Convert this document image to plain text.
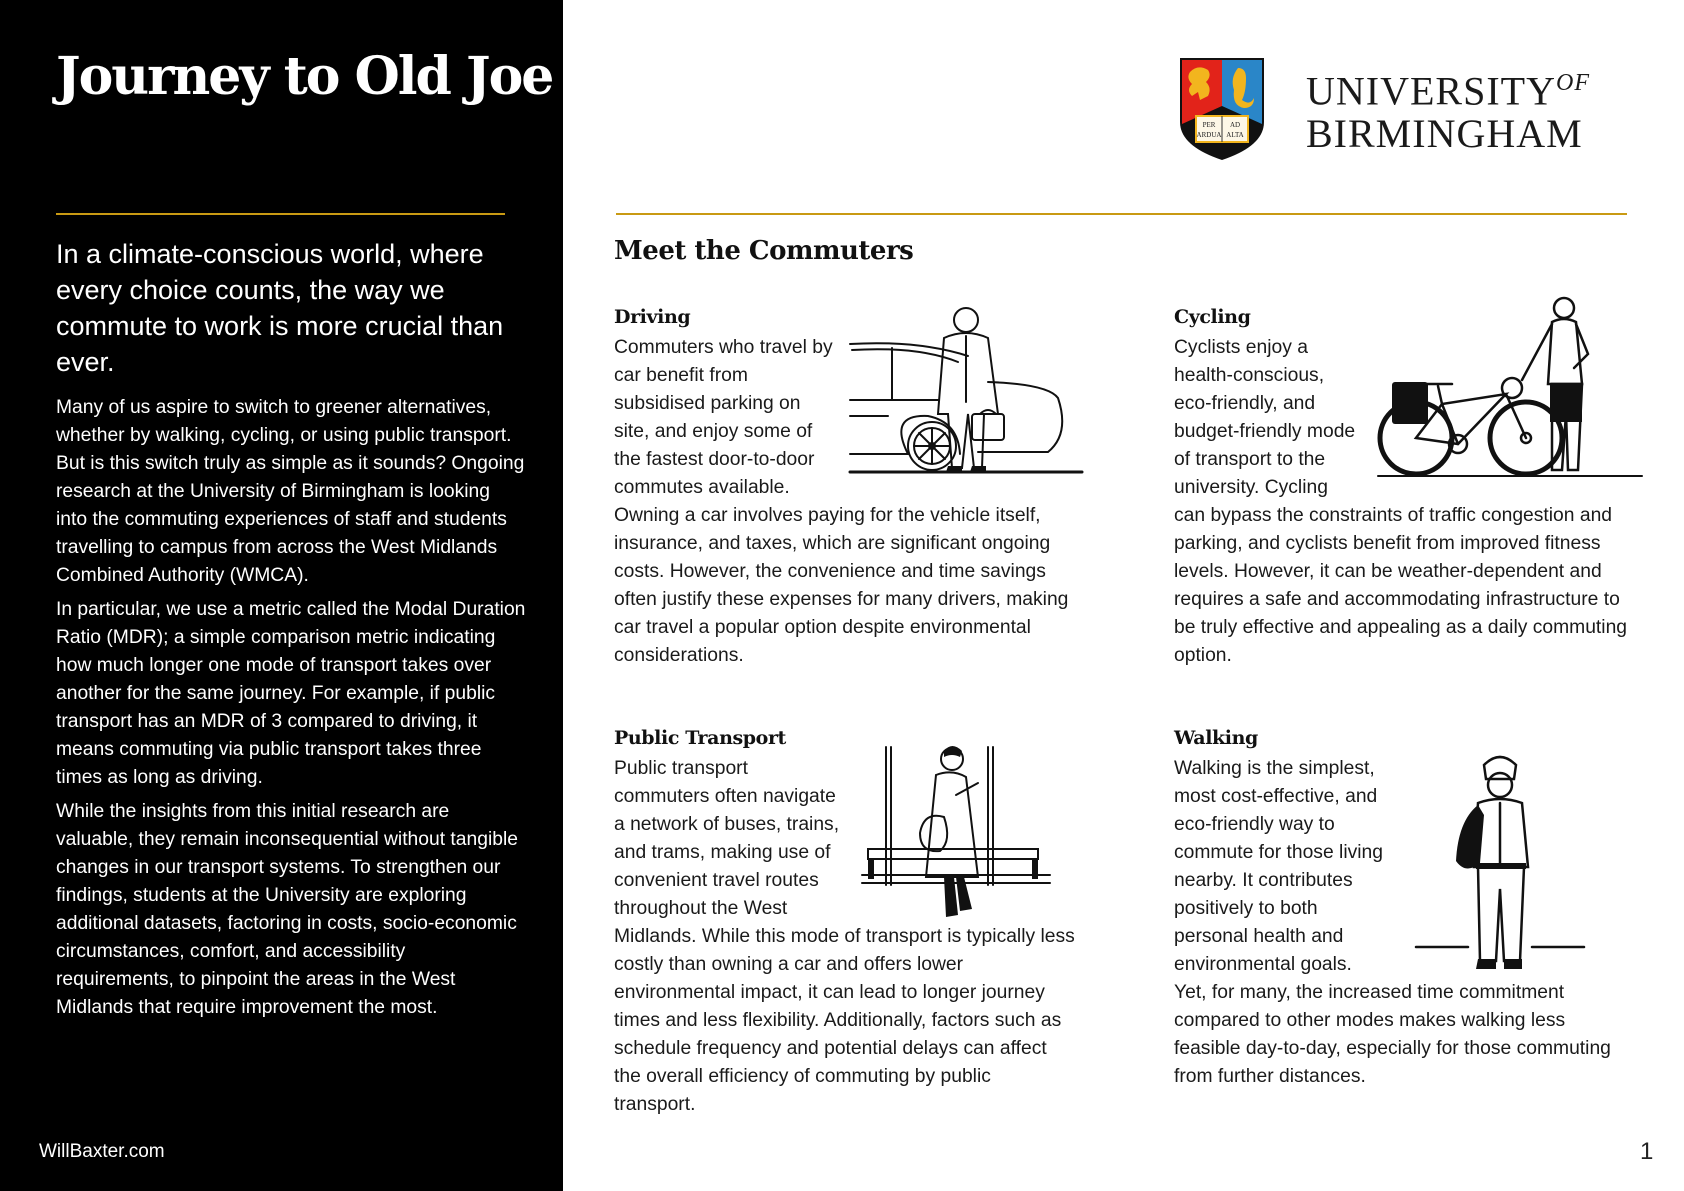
Journey to Old Joe

In a climate-conscious world, where every choice counts, the way we commute to work is more crucial than ever.

Many of us aspire to switch to greener alternatives, whether by walking, cycling, or using public transport. But is this switch truly as simple as it sounds? Ongoing research at the University of Birmingham is looking into the commuting experiences of staff and students travelling to campus from across the West Midlands Combined Authority (WMCA).

In particular, we use a metric called the Modal Duration Ratio (MDR); a simple comparison metric indicating how much longer one mode of transport takes over another for the same journey. For example, if public transport has an MDR of 3 compared to driving, it means commuting via public transport takes three times as long as driving.

While the insights from this initial research are valuable, they remain inconsequential without tangible changes in our transport systems. To strengthen our findings, students at the University are exploring additional datasets, factoring in costs, socio-economic circumstances, comfort, and accessibility requirements, to pinpoint the areas in the West Midlands that require improvement the most.

WillBaxter.com
PER
ARDUA
AD
ALTA
$UNIVERSITY^{OF}$
BIRMINGHAM
Meet the Commuters
Driving
Commuters who travel by car benefit from subsidised parking on site, and enjoy some of the fastest door-to-door commutes available. Owning a car involves paying for the vehicle itself, insurance, and taxes, which are significant ongoing costs. However, the convenience and time savings often justify these expenses for many drivers, making car travel a popular option despite environmental considerations.
Cycling
Cyclists enjoy a health-conscious, eco-friendly, and budget-friendly mode of transport to the university. Cycling can bypass the constraints of traffic congestion and parking, and cyclists benefit from improved fitness levels. However, it can be weather-dependent and requires a safe and accommodating infrastructure to be truly effective and appealing as a daily commuting option.
Public Transport
Public transport commuters often navigate a network of buses, trains, and trams, making use of convenient travel routes throughout the West Midlands. While this mode of transport is typically less costly than owning a car and offers lower environmental impact, it can lead to longer journey times and less flexibility. Additionally, factors such as schedule frequency and potential delays can affect the overall efficiency of commuting by public transport.
Walking
Walking is the simplest, most cost-effective, and eco-friendly way to commute for those living nearby. It contributes positively to both personal health and environmental goals. Yet, for many, the increased time commitment compared to other modes makes walking less feasible day-to-day, especially for those commuting from further distances.
1
